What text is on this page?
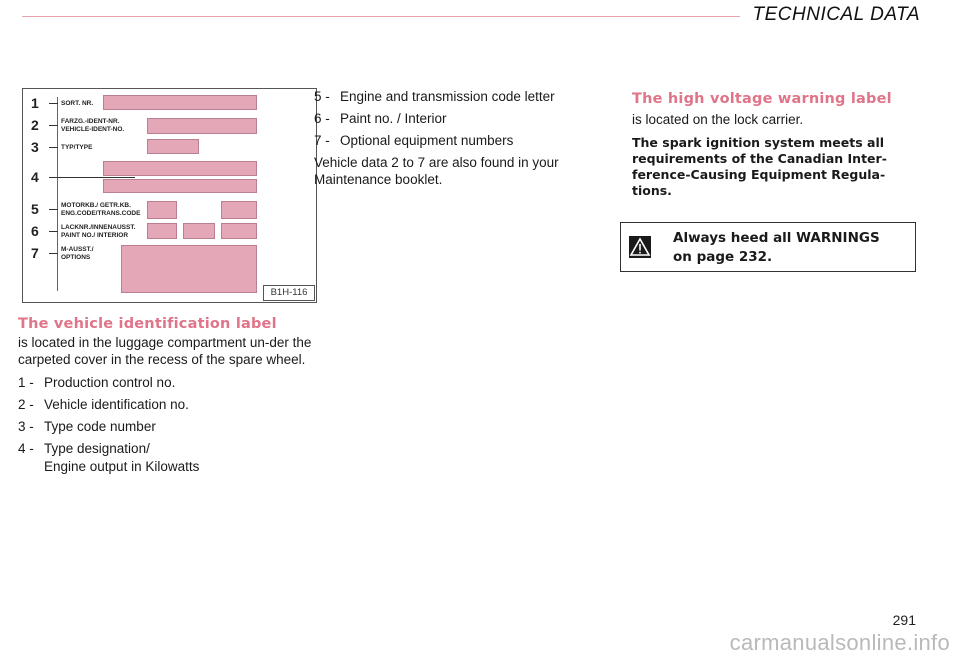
TECHNICAL DATA
1
2
3
4
5
6
7
SORT. NR.
FARZG.-IDENT-NR.
VEHICLE-IDENT-NO.
TYP/TYPE
MOTORKB./ GETR.KB.
ENG.CODE/TRANS.CODE
LACKNR./INNENAUSST.
PAINT NO./ INTERIOR
M-AUSST./
OPTIONS
B1H-116
The vehicle identification label
is located in the luggage compartment un-der the carpeted cover in the recess of the spare wheel.
1 - Production control no.
2 - Vehicle identification no.
3 - Type code number
4 - Type designation/
Engine output in Kilowatts
5 - Engine and transmission code letter
6 - Paint no. / Interior
7 - Optional equipment numbers
Vehicle data 2 to 7 are also found in your Maintenance booklet.
The high voltage warning label
is located on the lock carrier.
The spark ignition system meets all requirements of the Canadian Inter-ference-Causing Equipment Regula-tions.
Always heed all WARNINGS
on page 232.
291
carmanualsonline.info
